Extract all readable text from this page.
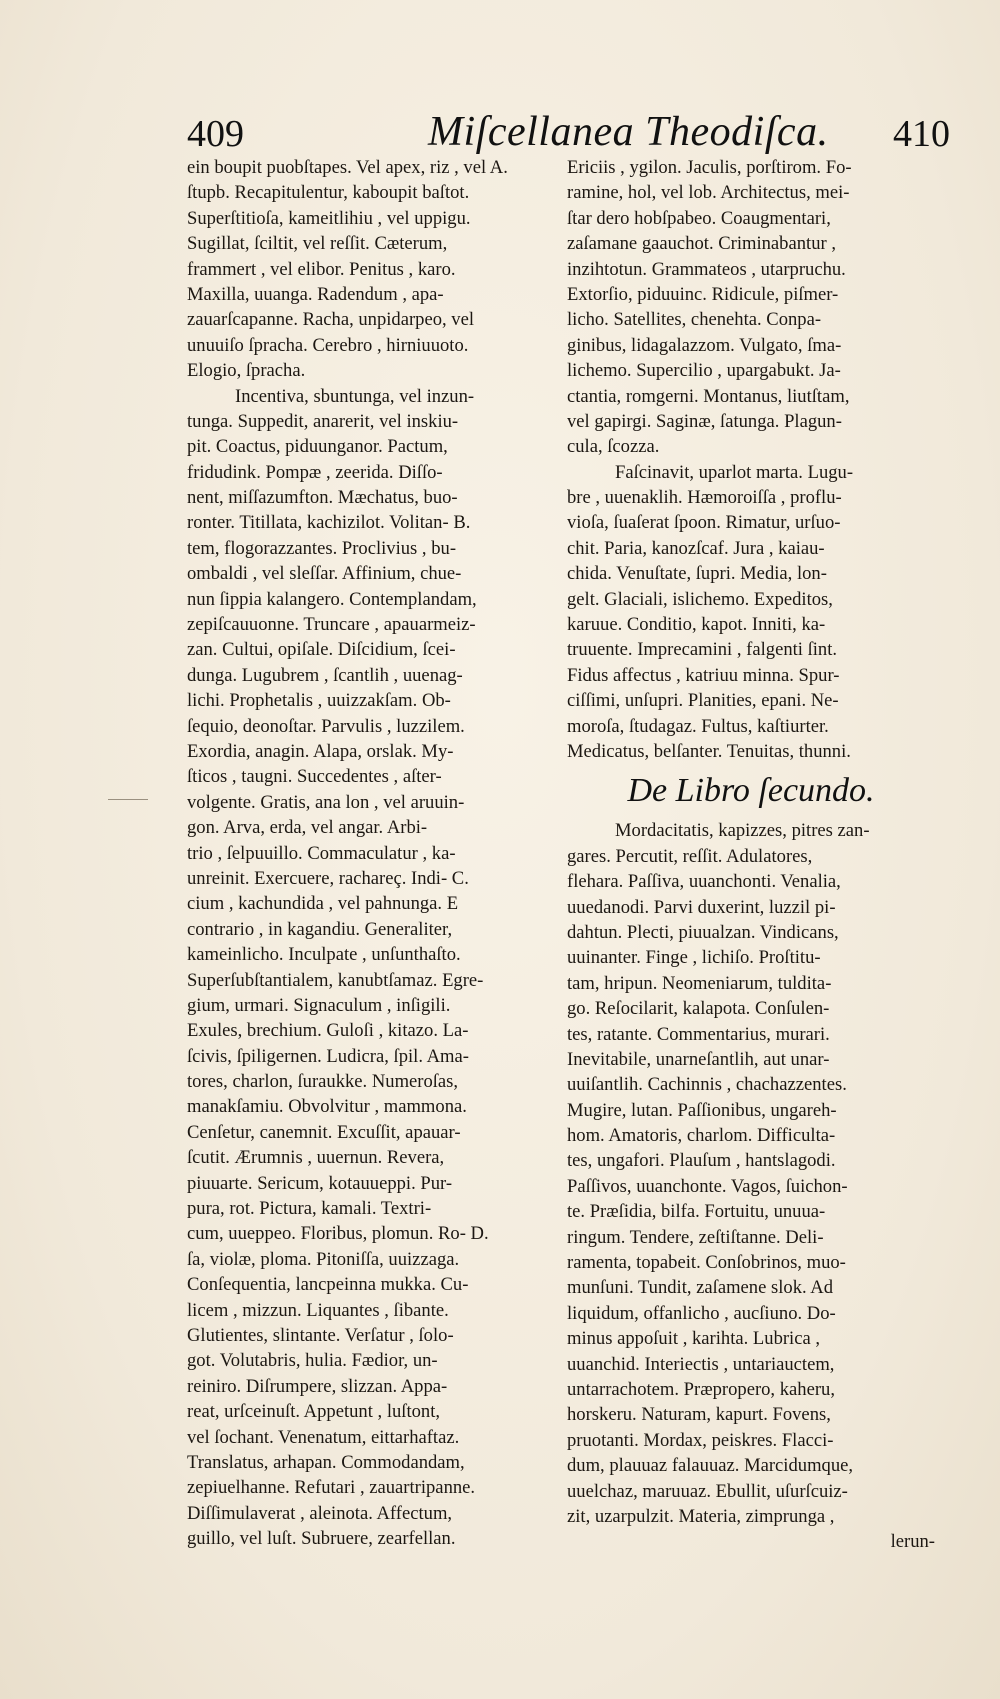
409	Miſcellanea Theodiſca. 410
ein boupit puobſtapes. Vel apex, riz , vel A.
ſtupb. Recapitulentur, kaboupit baſtot.
Superſtitioſa, kameitlihiu , vel uppigu.
Sugillat, ſciltit, vel reſſit. Cæterum,
frammert , vel elibor. Penitus , karo.
Maxilla, uuanga. Radendum , apa-
zauarſcapanne. Racha, unpidarpeo, vel
unuuiſo ſpracha. Cerebro , hirniuuoto.
Elogio, ſpracha.
Incentiva, sbuntunga, vel inzun-
tunga. Suppedit, anarerit, vel inskiu-
pit. Coactus, piduunganor. Pactum,
fridudink. Pompæ , zeerida. Diſſo-
nent, miſſazumfton. Mæchatus, buo-
ronter. Titillata, kachizilot. Volitan- B.
tem, flogorazzantes. Proclivius , bu-
ombaldi , vel sleſſar. Affinium, chue-
nun ſippia kalangero. Contemplandam,
zepiſcauuonne. Truncare , apauarmeiz-
zan. Cultui, opiſale. Diſcidium, ſcei-
dunga. Lugubrem , ſcantlih , uuenag-
lichi. Prophetalis , uuizzakſam. Ob-
ſequio, deonoſtar. Parvulis , luzzilem.
Exordia, anagin. Alapa, orslak. My-
ſticos , taugni. Succedentes , aſter-
volgente. Gratis, ana lon , vel aruuin-
gon. Arva, erda, vel angar. Arbi-
trio , ſelpuuillo. Commaculatur , ka-
unreinit. Exercuere, rachareç. Indi- C.
cium , kachundida , vel pahnunga. E
contrario , in kagandiu. Generaliter,
kameinlicho. Inculpate , unſunthaſto.
Superſubſtantialem, kanubtſamaz. Egre-
gium, urmari. Signaculum , inſigili.
Exules, brechium. Guloſi , kitazo. La-
ſcivis, ſpiligernen. Ludicra, ſpil. Ama-
tores, charlon, ſuraukke. Numeroſas,
manakſamiu. Obvolvitur , mammona.
Cenſetur, canemnit. Excuſſit, apauar-
ſcutit. Ærumnis , uuernun. Revera,
piuuarte. Sericum, kotauueppi. Pur-
pura, rot. Pictura, kamali. Textri-
cum, uueppeo. Floribus, plomun. Ro- D.
ſa, violæ, ploma. Pitoniſſa, uuizzaga.
Conſequentia, lancpeinna mukka. Cu-
licem , mizzun. Liquantes , ſibante.
Glutientes, slintante. Verſatur , ſolo-
got. Volutabris, hulia. Fædior, un-
reiniro. Diſrumpere, slizzan. Appa-
reat, urſceinuſt. Appetunt , luſtont,
vel ſochant. Venenatum, eittarhaftaz.
Translatus, arhapan. Commodandam,
zepiuelhanne. Refutari , zauartripanne.
Diſſimulaverat , aleinota. Affectum,
guillo, vel luſt. Subruere, zearfellan.
Ericiis , ygilon. Jaculis, porſtirom. Fo-
ramine, hol, vel lob. Architectus, mei-
ſtar dero hobſpabeo. Coaugmentari,
zaſamane gaauchot. Criminabantur ,
inzihtotun. Grammateos , utarpruchu.
Extorſio, piduuinc. Ridicule, piſmer-
licho. Satellites, chenehta. Conpa-
ginibus, lidagalazzom. Vulgato, ſma-
lichemo. Supercilio , upargabukt. Ja-
ctantia, romgerni. Montanus, liutſtam,
vel gapirgi. Saginæ, ſatunga. Plagun-
cula, ſcozza.
Faſcinavit, uparlot marta. Lugu-
bre , uuenaklih. Hæmoroiſſa , proflu-
vioſa, ſuaſerat ſpoon. Rimatur, urſuo-
chit. Paria, kanozſcaf. Jura , kaiau-
chida. Venuſtate, ſupri. Media, lon-
gelt. Glaciali, islichemo. Expeditos,
karuue. Conditio, kapot. Inniti, ka-
truuente. Imprecamini , falgenti ſint.
Fidus affectus , katriuu minna. Spur-
ciſſimi, unſupri. Planities, epani. Ne-
moroſa, ſtudagaz. Fultus, kaſtiurter.
Medicatus, belſanter. Tenuitas, thunni.
De Libro ſecundo.
Mordacitatis, kapizzes, pitres zan-
gares. Percutit, reſſit. Adulatores,
flehara. Paſſiva, uuanchonti. Venalia,
uuedanodi. Parvi duxerint, luzzil pi-
dahtun. Plecti, piuualzan. Vindicans,
uuinanter. Finge , lichiſo. Proſtitu-
tam, hripun. Neomeniarum, tuldita-
go. Reſocilarit, kalapota. Conſulen-
tes, ratante. Commentarius, murari.
Inevitabile, unarneſantlih, aut unar-
uuiſantlih. Cachinnis , chachazzentes.
Mugire, lutan. Paſſionibus, ungareh-
hom. Amatoris, charlom. Difficulta-
tes, ungafori. Plauſum , hantslagodi.
Paſſivos, uuanchonte. Vagos, ſuichon-
te. Præſidia, bilfa. Fortuitu, unuua-
ringum. Tendere, zeſtiſtanne. Deli-
ramenta, topabeit. Conſobrinos, muo-
munſuni. Tundit, zaſamene slok. Ad
liquidum, offanlicho , aucſiuno. Do-
minus appoſuit , karihta. Lubrica ,
uuanchid. Interiectis , untariauctem,
untarrachotem. Præpropero, kaheru,
horskeru. Naturam, kapurt. Fovens,
pruotanti. Mordax, peiskres. Flacci-
dum, plauuaz falauuaz. Marcidumque,
uuelchaz, maruuaz. Ebullit, uſurſcuiz-
zit, uzarpulzit. Materia, zimprunga ,
lerun-
